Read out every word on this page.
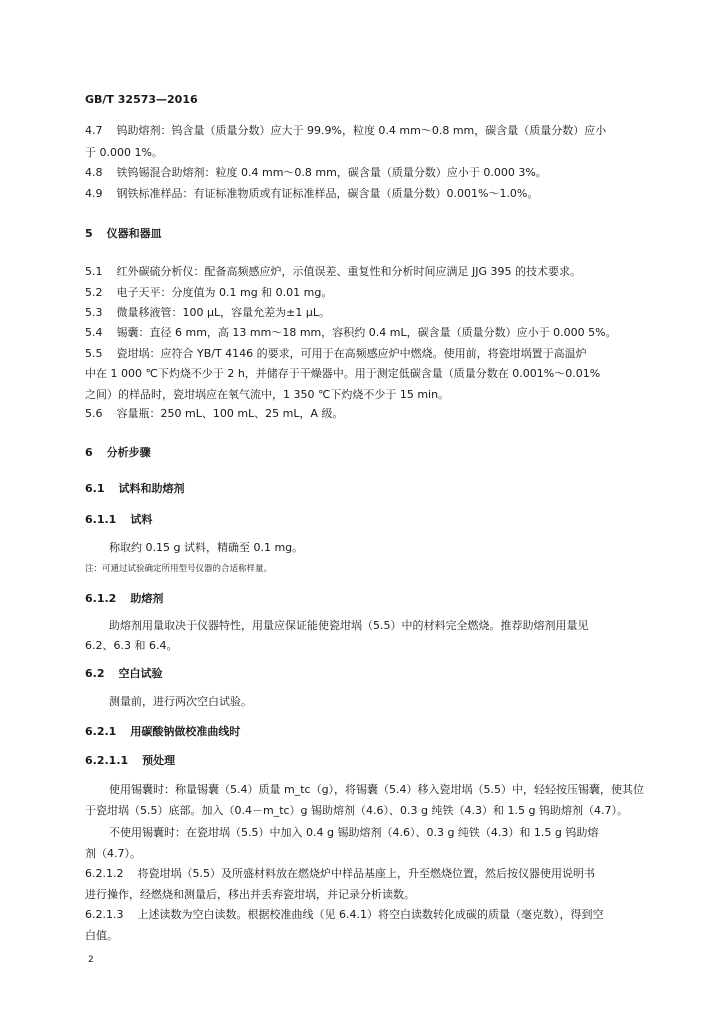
GB/T 32573—2016
4.7 钨助熔剂：钨含量（质量分数）应大于 99.9%，粒度 0.4 mm～0.8 mm，碳含量（质量分数）应小
于 0.000 1%。
4.8 铁钨锡混合助熔剂：粒度 0.4 mm～0.8 mm，碳含量（质量分数）应小于 0.000 3%。
4.9 钢铁标准样品：有证标准物质或有证标准样品，碳含量（质量分数）0.001%～1.0%。
5 仪器和器皿
5.1 红外碳硫分析仪：配备高频感应炉，示值误差、重复性和分析时间应满足 JJG 395 的技术要求。
5.2 电子天平：分度值为 0.1 mg 和 0.01 mg。
5.3 微量移液管：100 μL，容量允差为±1 μL。
5.4 锡囊：直径 6 mm，高 13 mm～18 mm，容积约 0.4 mL，碳含量（质量分数）应小于 0.000 5%。
5.5 瓷坩埚：应符合 YB/T 4146 的要求，可用于在高频感应炉中燃烧。使用前，将瓷坩埚置于高温炉
中在 1 000 ℃下灼烧不少于 2 h，并储存于干燥器中。用于测定低碳含量（质量分数在 0.001%～0.01%
之间）的样品时，瓷坩埚应在氧气流中，1 350 ℃下灼烧不少于 15 min。
5.6 容量瓶：250 mL、100 mL、25 mL，A 级。
6 分析步骤
6.1 试料和助熔剂
6.1.1 试料
称取约 0.15 g 试料，精确至 0.1 mg。
注：可通过试验确定所用型号仪器的合适称样量。
6.1.2 助熔剂
助熔剂用量取决于仪器特性，用量应保证能使瓷坩埚（5.5）中的材料完全燃烧。推荐助熔剂用量见
6.2、6.3 和 6.4。
6.2 空白试验
测量前，进行两次空白试验。
6.2.1 用碳酸钠做校准曲线时
6.2.1.1 预处理
使用锡囊时：称量锡囊（5.4）质量 m_tc（g），将锡囊（5.4）移入瓷坩埚（5.5）中，轻轻按压锡囊，使其位
于瓷坩埚（5.5）底部。加入（0.4－m_tc）g 锡助熔剂（4.6）、0.3 g 纯铁（4.3）和 1.5 g 钨助熔剂（4.7）。
不使用锡囊时：在瓷坩埚（5.5）中加入 0.4 g 锡助熔剂（4.6）、0.3 g 纯铁（4.3）和 1.5 g 钨助熔
剂（4.7）。
6.2.1.2 将瓷坩埚（5.5）及所盛材料放在燃烧炉中样品基座上，升至燃烧位置，然后按仪器使用说明书
进行操作，经燃烧和测量后，移出并丢弃瓷坩埚，并记录分析读数。
6.2.1.3 上述读数为空白读数。根据校准曲线（见 6.4.1）将空白读数转化成碳的质量（毫克数），得到空
白值。
2
